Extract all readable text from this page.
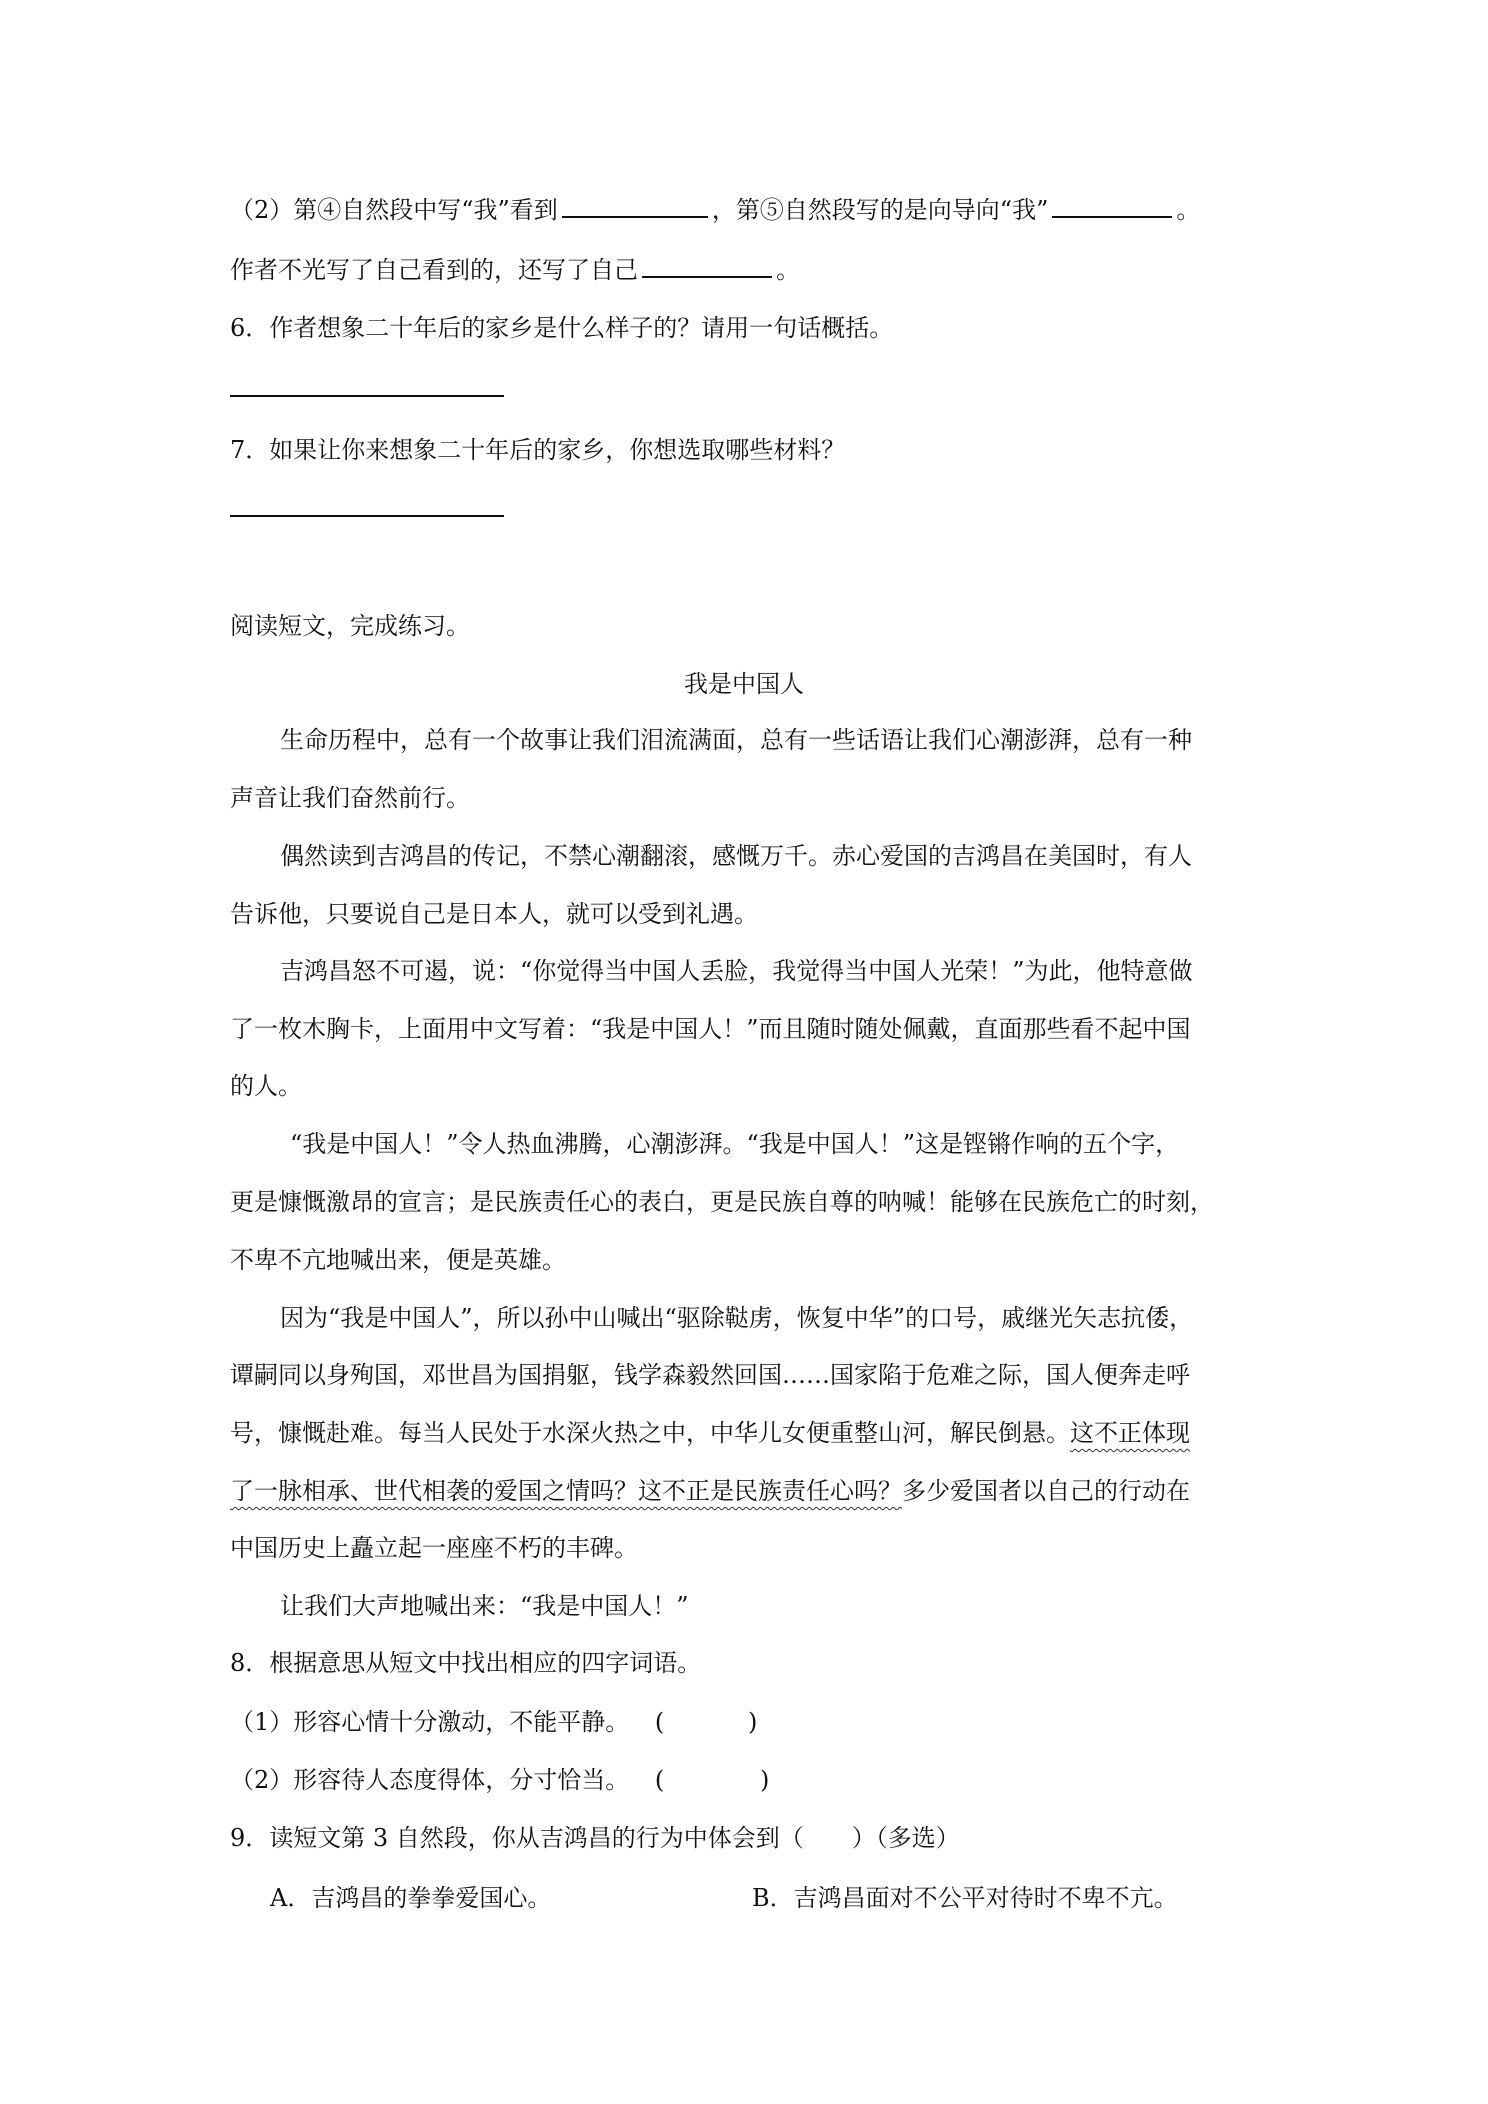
（2）第④自然段中写“我”看到	，第⑤自然段写的是向导向“我”	。
作者不光写了自己看到的，还写了自己	。
6．作者想象二十年后的家乡是什么样子的？请用一句话概括。
7．如果让你来想象二十年后的家乡，你想选取哪些材料？
阅读短文，完成练习。
我是中国人
生命历程中，总有一个故事让我们泪流满面，总有一些话语让我们心潮澎湃，总有一种
声音让我们奋然前行。
偶然读到吉鸿昌的传记，不禁心潮翻滚，感慨万千。赤心爱国的吉鸿昌在美国时，有人
告诉他，只要说自己是日本人，就可以受到礼遇。
吉鸿昌怒不可遏，说：“你觉得当中国人丢脸，我觉得当中国人光荣！”为此，他特意做
了一枚木胸卡，上面用中文写着：“我是中国人！”而且随时随处佩戴，直面那些看不起中国
的人。
“我是中国人！”令人热血沸腾，心潮澎湃。“我是中国人！”这是铿锵作响的五个字，
更是慷慨激昂的宣言；是民族责任心的表白，更是民族自尊的呐喊！能够在民族危亡的时刻，
不卑不亢地喊出来，便是英雄。
因为“我是中国人”，所以孙中山喊出“驱除鞑虏，恢复中华”的口号，戚继光矢志抗倭，
谭嗣同以身殉国，邓世昌为国捐躯，钱学森毅然回国……国家陷于危难之际，国人便奔走呼
号，慷慨赴难。每当人民处于水深火热之中，中华儿女便重整山河，解民倒悬。这不正体现
了一脉相承、世代相袭的爱国之情吗？这不正是民族责任心吗？多少爱国者以自己的行动在
中国历史上矗立起一座座不朽的丰碑。
让我们大声地喊出来：“我是中国人！”
8．根据意思从短文中找出相应的四字词语。
（1）形容心情十分激动，不能平静。 (	)
（2）形容待人态度得体，分寸恰当。 (	)
9．读短文第 3 自然段，你从吉鸿昌的行为中体会到（　　）（多选）
A．吉鸿昌的拳拳爱国心。	B．吉鸿昌面对不公平对待时不卑不亢。
